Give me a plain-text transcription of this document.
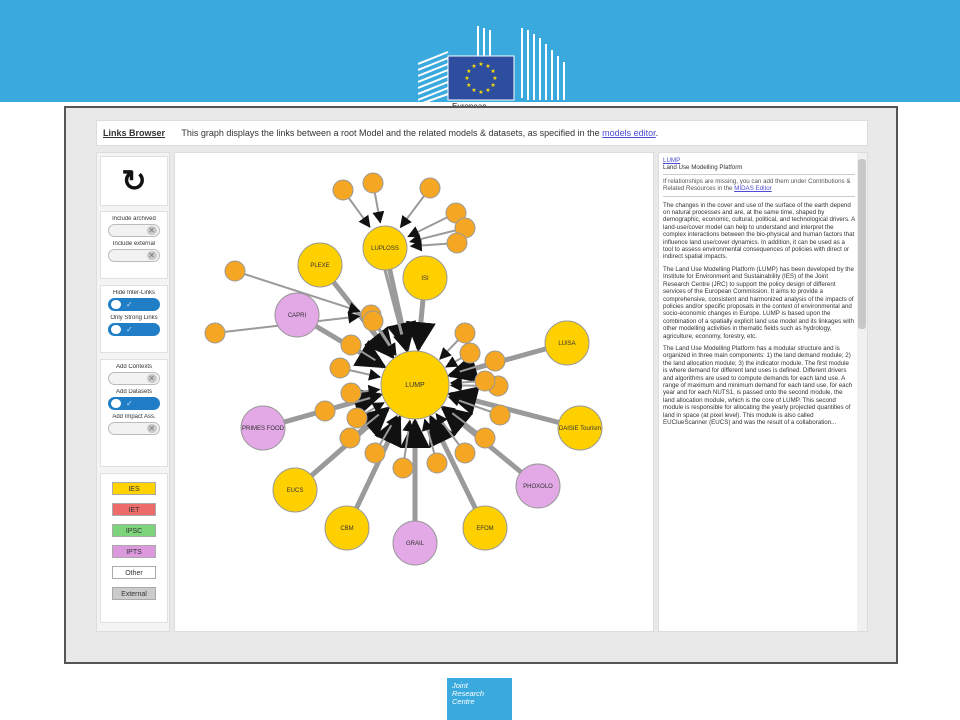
★
★
★
★
★
★
★
★
★ ★ ★
★
Links Browser This graph displays the links between a root Model and the related models & datasets, as specified in the models editor.
↻
Include archived
✕
Include external
✕
Hide Inter-Links
✓
Only Strong Links
✓
Add Contexts
✕
Add Datasets
✓
Add Impact Ass.
✕
IES
IET
IPSC
IPTS
Other
External
LUISA
CAPRI
PLEXE
LUPLOSS
ISI
DAISIE Tourism
PHOXOLO
EFOM
GRAIL
CBM
EUCS
PRIMES FOOD
LUMP
LUMP
Land Use Modelling Platform
If relationships are missing, you can add them under Contributions & Related Resources in the MIDAS Editor

The changes in the cover and use of the surface of the earth depend on natural processes and are, at the same time, shaped by demographic, economic, cultural, political, and technological drivers. A land-use/cover model can help to understand and interpret the complex interactions between the bio-physical and human factors that influence land use/cover dynamics. In addition, it can be used as a tool to assess environmental consequences of policies with direct or indirect spatial impacts.

The Land Use Modelling Platform (LUMP) has been developed by the Institute for Environment and Sustainability (IES) of the Joint Research Centre (JRC) to support the policy design of different services of the European Commission. It aims to provide a comprehensive, consistent and harmonized analysis of the impacts of policies and/or specific proposals in the context of environmental and socio-economic changes in Europe. LUMP is based upon the combination of a spatially explicit land use model and its linkages with other modelling activities in thematic fields such as hydrology, agriculture, economy, forestry, etc.

The Land Use Modelling Platform has a modular structure and is organized in three main components: 1) the land demand module; 2) the land allocation module; 3) the indicator module. The first module is where demand for different land uses is defined. Different drivers and algorithms are used to compute demands for each land use. A range of maximum and minimum demand for each land use, for each year and for each NUTS1, is passed onto the second module, the land allocation module, which is the core of LUMP. This second module is responsible for allocating the yearly projected quantities of land in space (at pixel level). This module is also called EUClueScanner (EUCS) and was the result of a collaboration...

Joint
Research
Centre
